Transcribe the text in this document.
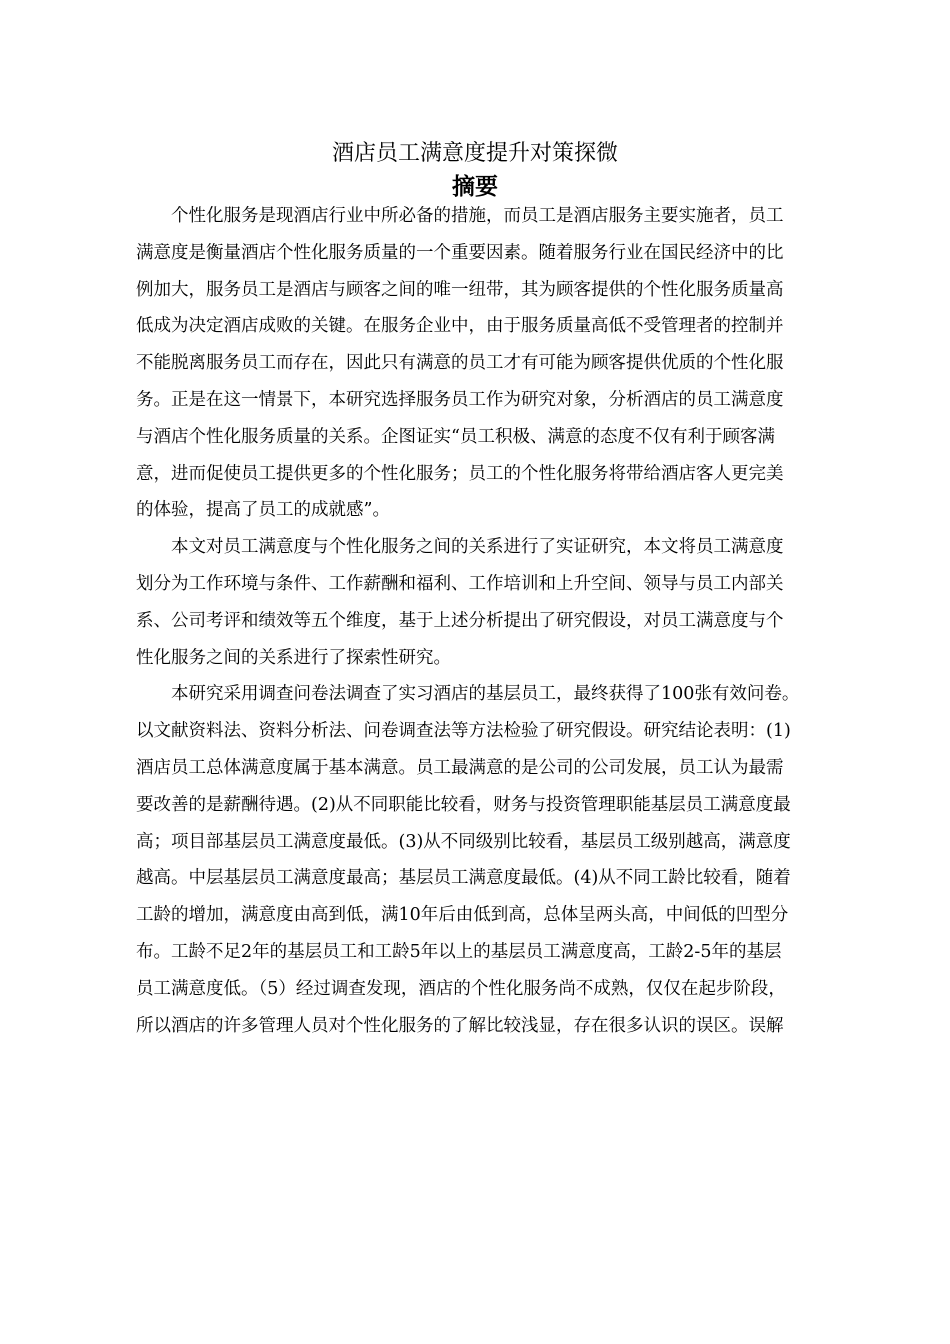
酒店员工满意度提升对策探微
摘要
个性化服务是现酒店行业中所必备的措施，而员工是酒店服务主要实施者，员工
满意度是衡量酒店个性化服务质量的一个重要因素。随着服务行业在国民经济中的比
例加大，服务员工是酒店与顾客之间的唯一纽带，其为顾客提供的个性化服务质量高
低成为决定酒店成败的关键。在服务企业中，由于服务质量高低不受管理者的控制并
不能脱离服务员工而存在，因此只有满意的员工才有可能为顾客提供优质的个性化服
务。正是在这一情景下，本研究选择服务员工作为研究对象，分析酒店的员工满意度
与酒店个性化服务质量的关系。企图证实“员工积极、满意的态度不仅有利于顾客满
意，进而促使员工提供更多的个性化服务；员工的个性化服务将带给酒店客人更完美
的体验，提高了员工的成就感”。
本文对员工满意度与个性化服务之间的关系进行了实证研究，本文将员工满意度
划分为工作环境与条件、工作薪酬和福利、工作培训和上升空间、领导与员工内部关
系、公司考评和绩效等五个维度，基于上述分析提出了研究假设，对员工满意度与个
性化服务之间的关系进行了探索性研究。
本研究采用调查问卷法调查了实习酒店的基层员工，最终获得了100张有效问卷。
以文献资料法、资料分析法、问卷调查法等方法检验了研究假设。研究结论表明：(1)
酒店员工总体满意度属于基本满意。员工最满意的是公司的公司发展，员工认为最需
要改善的是薪酬待遇。(2)从不同职能比较看，财务与投资管理职能基层员工满意度最
高；项目部基层员工满意度最低。(3)从不同级别比较看，基层员工级别越高，满意度
越高。中层基层员工满意度最高；基层员工满意度最低。(4)从不同工龄比较看，随着
工龄的增加，满意度由高到低，满10年后由低到高，总体呈两头高，中间低的凹型分
布。工龄不足2年的基层员工和工龄5年以上的基层员工满意度高，工龄2-5年的基层
员工满意度低。（5）经过调查发现，酒店的个性化服务尚不成熟，仅仅在起步阶段，
所以酒店的许多管理人员对个性化服务的了解比较浅显，存在很多认识的误区。误解
